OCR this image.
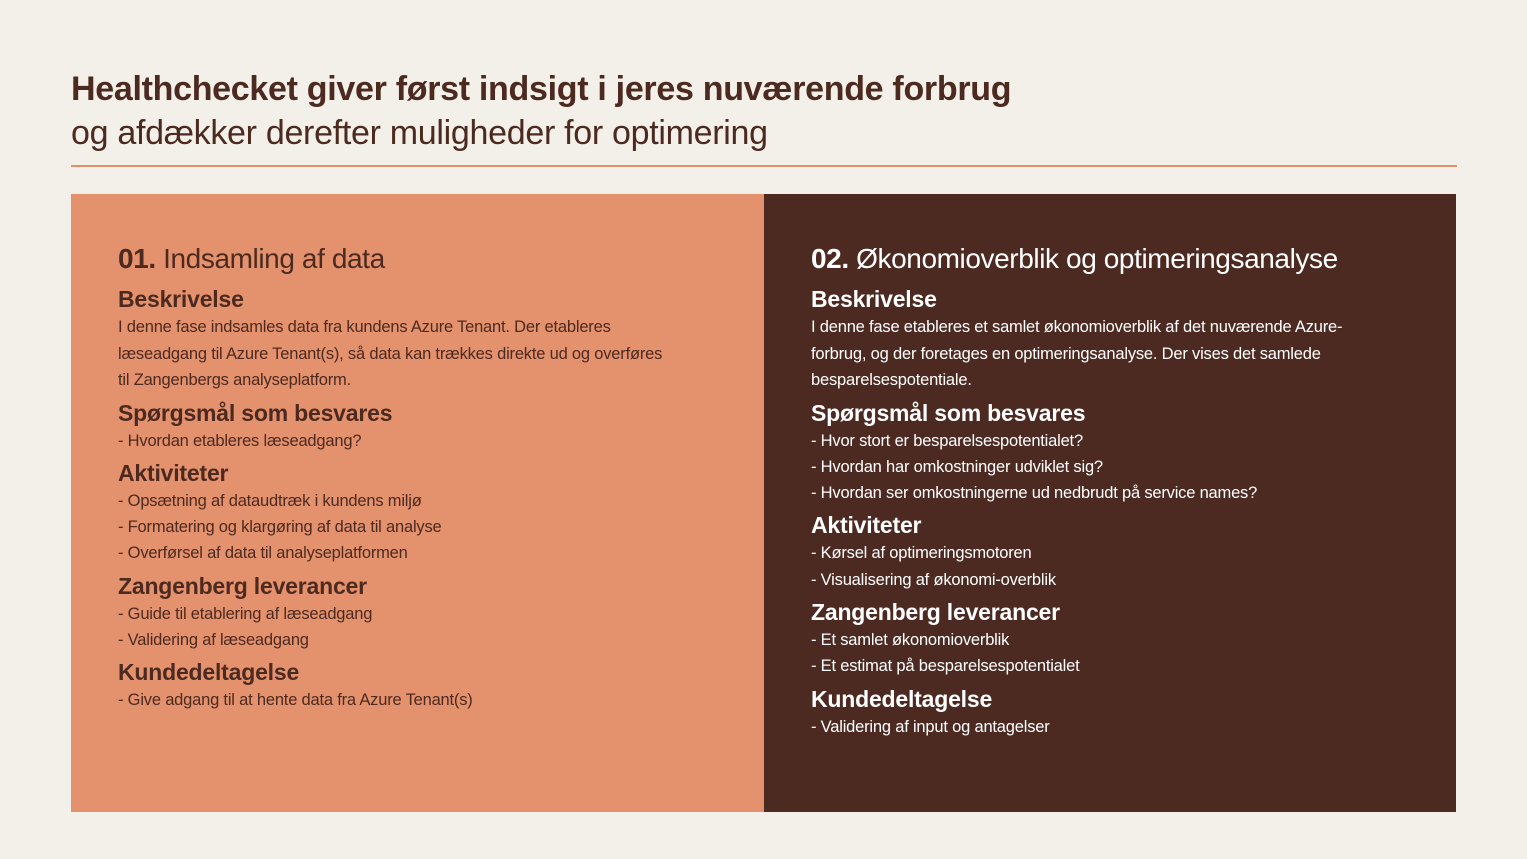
Healthchecket giver først indsigt i jeres nuværende forbrug
og afdækker derefter muligheder for optimering
01. Indsamling af data
Beskrivelse
I denne fase indsamles data fra kundens Azure Tenant. Der etableres
læseadgang til Azure Tenant(s), så data kan trækkes direkte ud og overføres
til Zangenbergs analyseplatform.
Spørgsmål som besvares
- Hvordan etableres læseadgang?
Aktiviteter
- Opsætning af dataudtræk i kundens miljø
- Formatering og klargøring af data til analyse
- Overførsel af data til analyseplatformen
Zangenberg leverancer
- Guide til etablering af læseadgang
- Validering af læseadgang
Kundedeltagelse
- Give adgang til at hente data fra Azure Tenant(s)
02. Økonomioverblik og optimeringsanalyse
Beskrivelse
I denne fase etableres et samlet økonomioverblik af det nuværende Azure-
forbrug, og der foretages en optimeringsanalyse. Der vises det samlede
besparelsespotentiale.
Spørgsmål som besvares
- Hvor stort er besparelsespotentialet?
- Hvordan har omkostninger udviklet sig?
- Hvordan ser omkostningerne ud nedbrudt på service names?
Aktiviteter
- Kørsel af optimeringsmotoren
- Visualisering af økonomi-overblik
Zangenberg leverancer
- Et samlet økonomioverblik
- Et estimat på besparelsespotentialet
Kundedeltagelse
- Validering af input og antagelser
